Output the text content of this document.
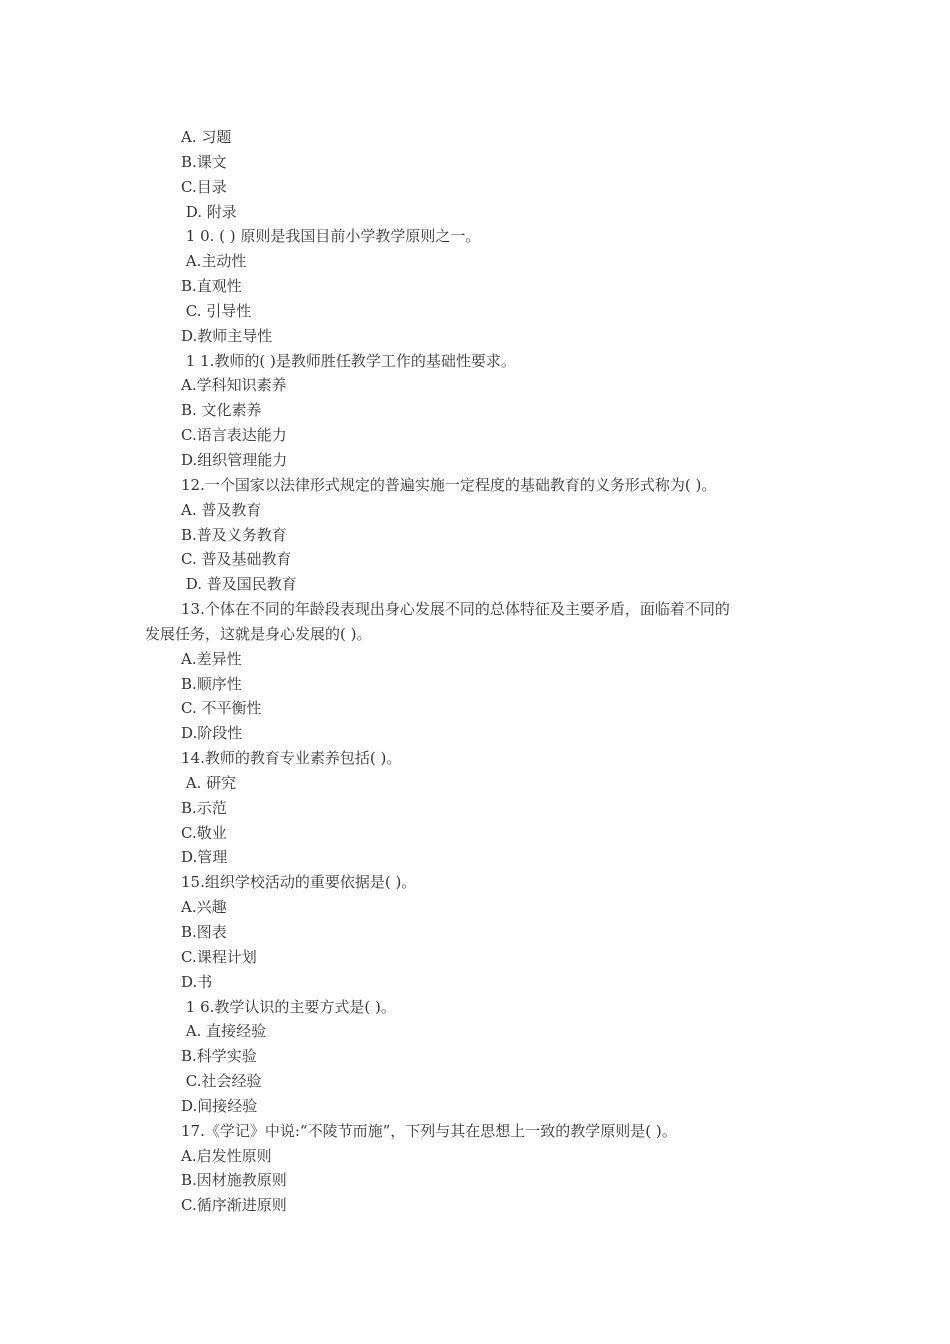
A. 习题
B.课文
C.目录
D. 附录
1 0. ( ) 原则是我国目前小学教学原则之一。
A.主动性
B.直观性
C. 引导性
D.教师主导性
1 1.教师的( )是教师胜任教学工作的基础性要求。
A.学科知识素养
B. 文化素养
C.语言表达能力
D.组织管理能力
12.一个国家以法律形式规定的普遍实施一定程度的基础教育的义务形式称为( )。
A. 普及教育
B.普及义务教育
C. 普及基础教育
D. 普及国民教育
13.个体在不同的年龄段表现出身心发展不同的总体特征及主要矛盾，面临着不同的
发展任务，这就是身心发展的( )。
A.差异性
B.顺序性
C. 不平衡性
D.阶段性
14.教师的教育专业素养包括( )。
A. 研究
B.示范
C.敬业
D.管理
15.组织学校活动的重要依据是( )。
A.兴趣
B.图表
C.课程计划
D.书
1 6.教学认识的主要方式是( )。
A. 直接经验
B.科学实验
C.社会经验
D.间接经验
17.《学记》中说:“不陵节而施”，下列与其在思想上一致的教学原则是( )。
A.启发性原则
B.因材施教原则
C.循序渐进原则
